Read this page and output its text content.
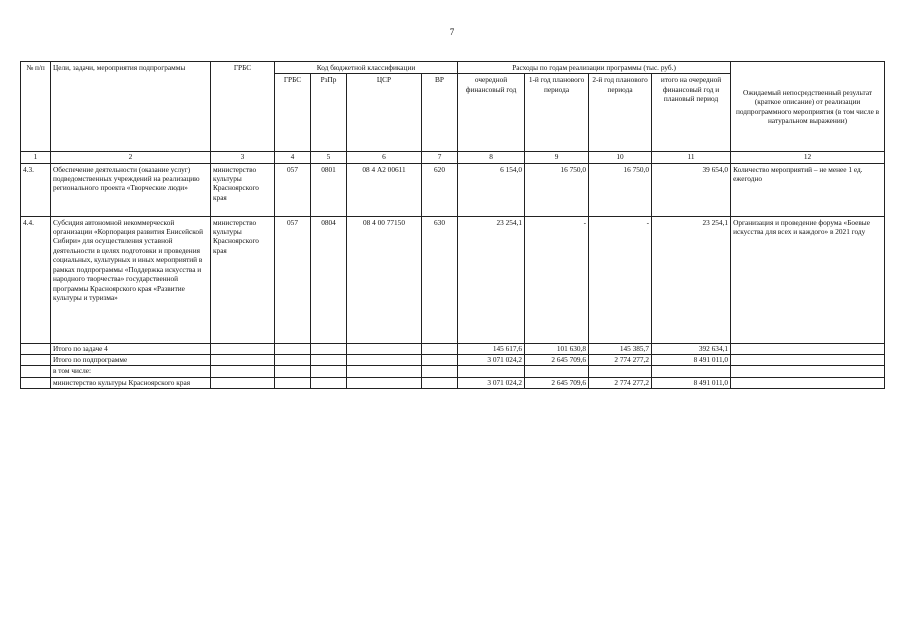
7
№ п/п	Цели, задачи, мероприятия подпрограммы	ГРБС	Код бюджетной классификации				Расходы по годам реализации программы (тыс. руб.)				Ожидаемый непосредственный результат (краткое описание) от реализации подпрограммного мероприятия (в том числе в натуральном выражении)
			ГРБС	РзПр	ЦСР	ВР	очередной финансовый год	1-й год планового периода	2-й год планового периода	итого на очередной финансовый год и плановый период	
1	2	3	4	5	6	7	8	9	10	11	12
4.3.	Обеспечение деятельности (оказание услуг) подведомственных учреждений на реализацию регионального проекта «Творческие люди»	министерство культуры Красноярского края	057	0801	08 4 А2 00611	620	6 154,0	16 750,0	16 750,0	39 654,0	Количество мероприятий – не менее 1 ед. ежегодно
4.4.	Субсидия автономной некоммерческой организации «Корпорация развития Енисейской Сибири» для осуществления уставной деятельности в целях подготовки и проведения социальных, культурных и иных мероприятий в рамках подпрограммы «Поддержка искусства и народного творчества» государственной программы Красноярского края «Развитие культуры и туризма»	министерство культуры Красноярского края	057	0804	08 4 00 77150	630	23 254,1	-	-	23 254,1	Организация и проведение форума «Боевые искусства для всех и каждого» в 2021 году
	Итого по задаче 4						145 617,6	101 630,8	145 385,7	392 634,1	
	Итого по подпрограмме						3 071 024,2	2 645 709,6	2 774 277,2	8 491 011,0	
	в том числе:										
	министерство культуры Красноярского края						3 071 024,2	2 645 709,6	2 774 277,2	8 491 011,0	
